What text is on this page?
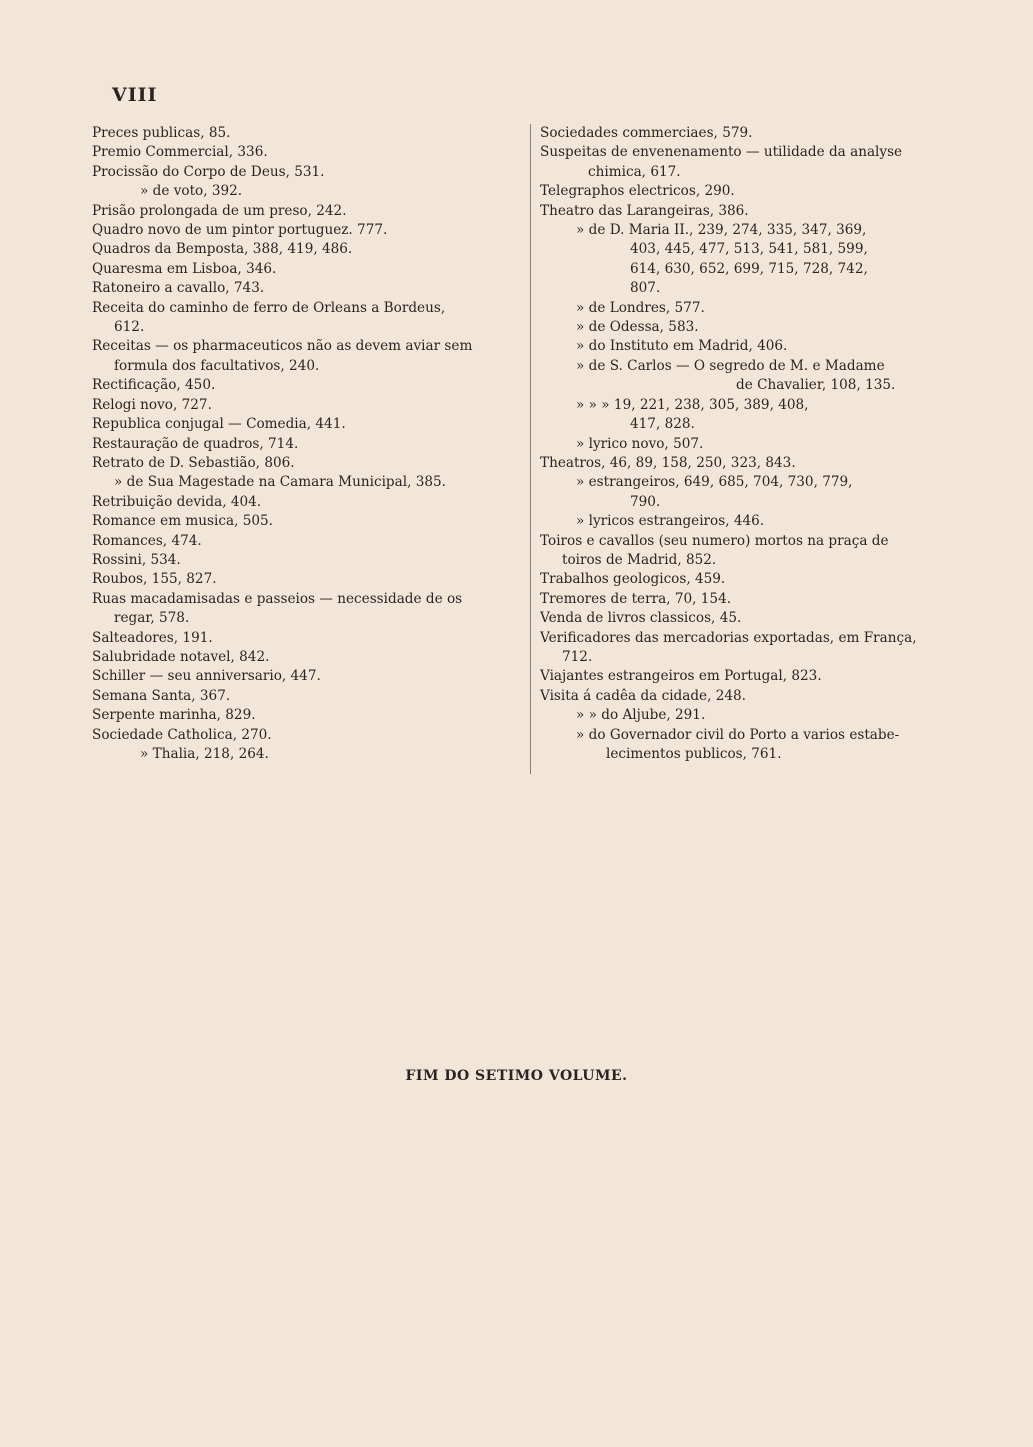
VIII
Preces publicas, 85.
Premio Commercial, 336.
Procissão do Corpo de Deus, 531.
» de voto, 392.
Prisão prolongada de um preso, 242.
Quadro novo de um pintor portuguez. 777.
Quadros da Bemposta, 388, 419, 486.
Quaresma em Lisboa, 346.
Ratoneiro a cavallo, 743.
Receita do caminho de ferro de Orleans a Bordeus,
612.
Receitas — os pharmaceuticos não as devem aviar sem
formula dos facultativos, 240.
Rectificação, 450.
Relogi novo, 727.
Republica conjugal — Comedia, 441.
Restauração de quadros, 714.
Retrato de D. Sebastião, 806.
» de Sua Magestade na Camara Municipal, 385.
Retribuição devida, 404.
Romance em musica, 505.
Romances, 474.
Rossini, 534.
Roubos, 155, 827.
Ruas macadamisadas e passeios — necessidade de os
regar, 578.
Salteadores, 191.
Salubridade notavel, 842.
Schiller — seu anniversario, 447.
Semana Santa, 367.
Serpente marinha, 829.
Sociedade Catholica, 270.
» Thalia, 218, 264.
Sociedades commerciaes, 579.
Suspeitas de envenenamento — utilidade da analyse
chimica, 617.
Telegraphos electricos, 290.
Theatro das Larangeiras, 386.
» de D. Maria II., 239, 274, 335, 347, 369,
403, 445, 477, 513, 541, 581, 599,
614, 630, 652, 699, 715, 728, 742,
807.
» de Londres, 577.
» de Odessa, 583.
» do Instituto em Madrid, 406.
» de S. Carlos — O segredo de M. e Madame
de Chavalier, 108, 135.
» » » 19, 221, 238, 305, 389, 408,
417, 828.
» lyrico novo, 507.
Theatros, 46, 89, 158, 250, 323, 843.
» estrangeiros, 649, 685, 704, 730, 779,
790.
» lyricos estrangeiros, 446.
Toiros e cavallos (seu numero) mortos na praça de
toiros de Madrid, 852.
Trabalhos geologicos, 459.
Tremores de terra, 70, 154.
Venda de livros classicos, 45.
Verificadores das mercadorias exportadas, em França,
712.
Viajantes estrangeiros em Portugal, 823.
Visita á cadêa da cidade, 248.
» » do Aljube, 291.
» do Governador civil do Porto a varios estabe-
lecimentos publicos, 761.
FIM DO SETIMO VOLUME.
